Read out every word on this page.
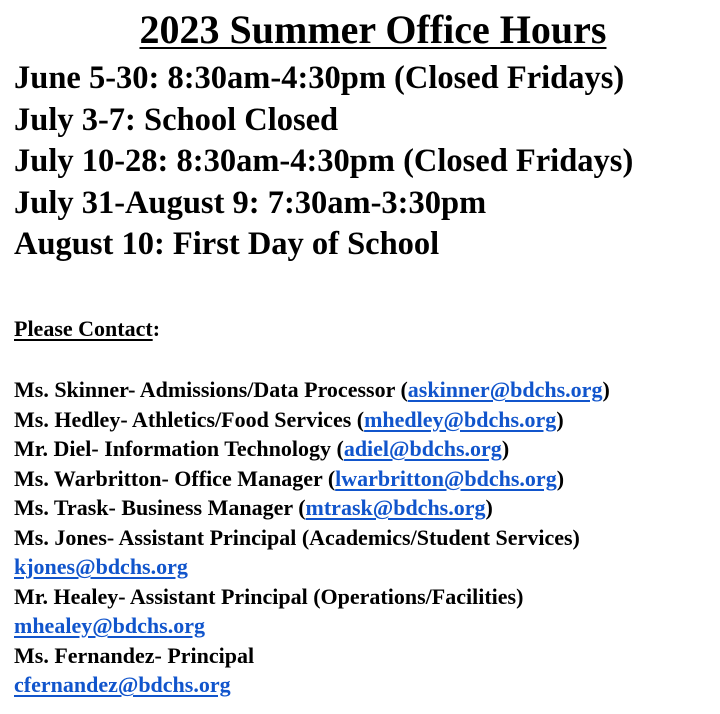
2023 Summer Office Hours
June 5-30: 8:30am-4:30pm (Closed Fridays)
July 3-7: School Closed
July 10-28: 8:30am-4:30pm (Closed Fridays)
July 31-August 9: 7:30am-3:30pm
August 10: First Day of School
Please Contact:
Ms. Skinner- Admissions/Data Processor (askinner@bdchs.org)
Ms. Hedley- Athletics/Food Services (mhedley@bdchs.org)
Mr. Diel- Information Technology (adiel@bdchs.org)
Ms. Warbritton- Office Manager (lwarbritton@bdchs.org)
Ms. Trask- Business Manager (mtrask@bdchs.org)
Ms. Jones- Assistant Principal (Academics/Student Services)
kjones@bdchs.org
Mr. Healey- Assistant Principal (Operations/Facilities)
mhealey@bdchs.org
Ms. Fernandez- Principal
cfernandez@bdchs.org
